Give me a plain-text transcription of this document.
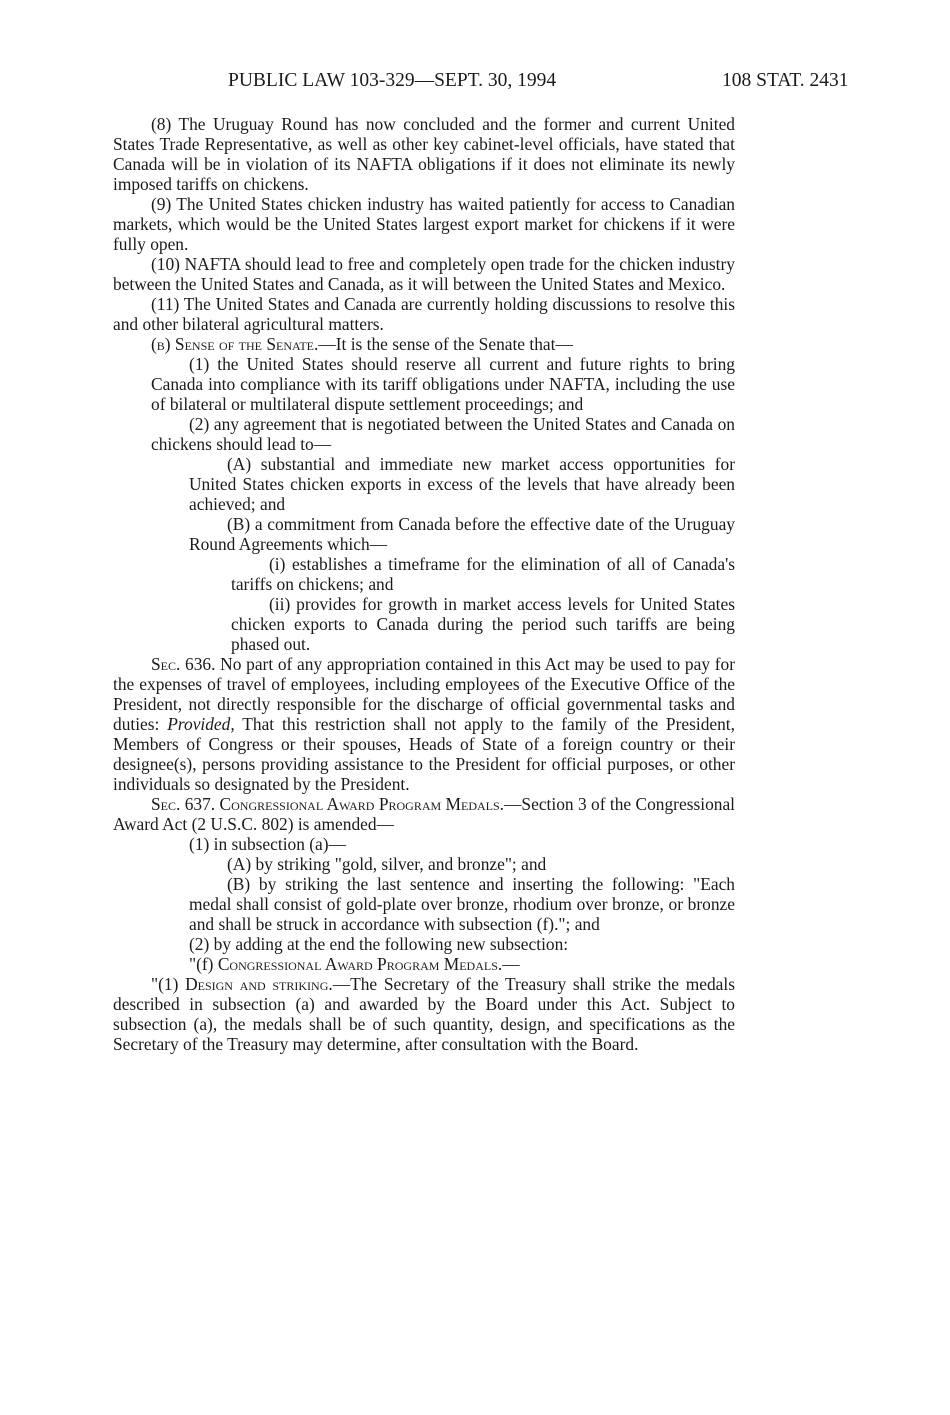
PUBLIC LAW 103-329—SEPT. 30, 1994	108 STAT. 2431

(8) The Uruguay Round has now concluded and the former and current United States Trade Representative, as well as other key cabinet-level officials, have stated that Canada will be in violation of its NAFTA obligations if it does not eliminate its newly imposed tariffs on chickens.

(9) The United States chicken industry has waited patiently for access to Canadian markets, which would be the United States largest export market for chickens if it were fully open.

(10) NAFTA should lead to free and completely open trade for the chicken industry between the United States and Canada, as it will between the United States and Mexico.

(11) The United States and Canada are currently holding discussions to resolve this and other bilateral agricultural matters.

(b) Sense of the Senate.—It is the sense of the Senate that—

(1) the United States should reserve all current and future rights to bring Canada into compliance with its tariff obligations under NAFTA, including the use of bilateral or multilateral dispute settlement proceedings; and

(2) any agreement that is negotiated between the United States and Canada on chickens should lead to—

(A) substantial and immediate new market access opportunities for United States chicken exports in excess of the levels that have already been achieved; and

(B) a commitment from Canada before the effective date of the Uruguay Round Agreements which—

(i) establishes a timeframe for the elimination of all of Canada's tariffs on chickens; and

(ii) provides for growth in market access levels for United States chicken exports to Canada during the period such tariffs are being phased out.

Sec. 636. No part of any appropriation contained in this Act may be used to pay for the expenses of travel of employees, including employees of the Executive Office of the President, not directly responsible for the discharge of official governmental tasks and duties: Provided, That this restriction shall not apply to the family of the President, Members of Congress or their spouses, Heads of State of a foreign country or their designee(s), persons providing assistance to the President for official purposes, or other individuals so designated by the President.

Sec. 637. Congressional Award Program Medals.—Section 3 of the Congressional Award Act (2 U.S.C. 802) is amended—

(1) in subsection (a)—

(A) by striking "gold, silver, and bronze"; and

(B) by striking the last sentence and inserting the following: "Each medal shall consist of gold-plate over bronze, rhodium over bronze, or bronze and shall be struck in accordance with subsection (f)."; and

(2) by adding at the end the following new subsection:

"(f) Congressional Award Program Medals.—

"(1) Design and striking.—The Secretary of the Treasury shall strike the medals described in subsection (a) and awarded by the Board under this Act. Subject to subsection (a), the medals shall be of such quantity, design, and specifications as the Secretary of the Treasury may determine, after consultation with the Board.
